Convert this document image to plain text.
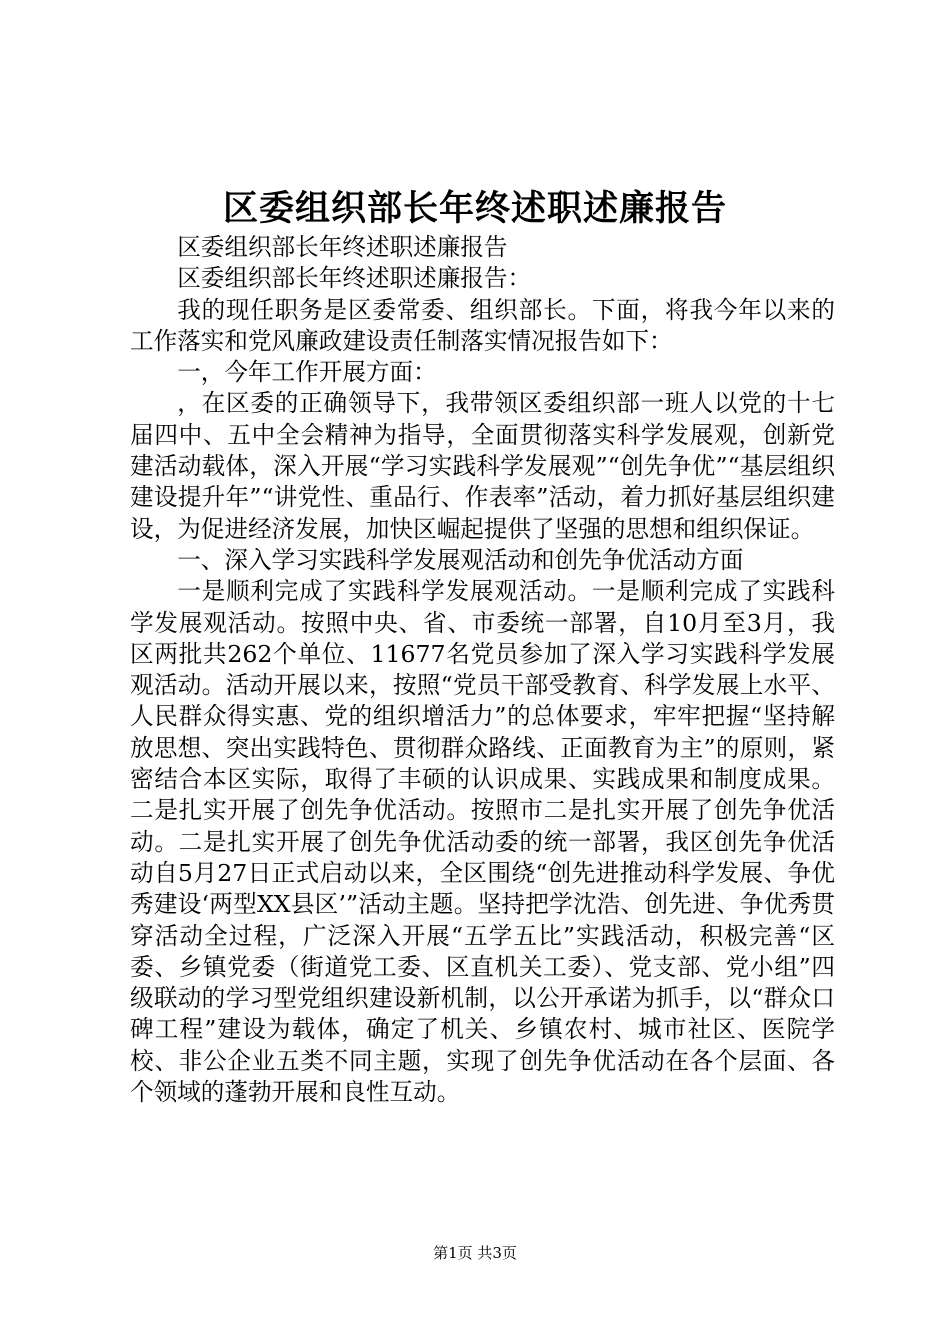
区委组织部长年终述职述廉报告

区委组织部长年终述职述廉报告

区委组织部长年终述职述廉报告：

我的现任职务是区委常委、组织部长。下面，将我今年以来的工作落实和党风廉政建设责任制落实情况报告如下：

一，今年工作开展方面：

，在区委的正确领导下，我带领区委组织部一班人以党的十七届四中、五中全会精神为指导，全面贯彻落实科学发展观，创新党建活动载体，深入开展“学习实践科学发展观”“创先争优”“基层组织建设提升年”“讲党性、重品行、作表率”活动，着力抓好基层组织建设，为促进经济发展，加快区崛起提供了坚强的思想和组织保证。

一、深入学习实践科学发展观活动和创先争优活动方面

一是顺利完成了实践科学发展观活动。一是顺利完成了实践科学发展观活动。按照中央、省、市委统一部署，自10月至3月，我区两批共262个单位、11677名党员参加了深入学习实践科学发展观活动。活动开展以来，按照“党员干部受教育、科学发展上水平、人民群众得实惠、党的组织增活力”的总体要求，牢牢把握“坚持解放思想、突出实践特色、贯彻群众路线、正面教育为主”的原则，紧密结合本区实际，取得了丰硕的认识成果、实践成果和制度成果。二是扎实开展了创先争优活动。按照市二是扎实开展了创先争优活动。二是扎实开展了创先争优活动委的统一部署，我区创先争优活动自5月27日正式启动以来，全区围绕“创先进推动科学发展、争优秀建设‘两型XX县区’”活动主题。坚持把学沈浩、创先进、争优秀贯穿活动全过程，广泛深入开展“五学五比”实践活动，积极完善“区委、乡镇党委（街道党工委、区直机关工委）、党支部、党小组”四级联动的学习型党组织建设新机制，以公开承诺为抓手，以“群众口碑工程”建设为载体，确定了机关、乡镇农村、城市社区、医院学校、非公企业五类不同主题，实现了创先争优活动在各个层面、各个领域的蓬勃开展和良性互动。

第1页 共3页
